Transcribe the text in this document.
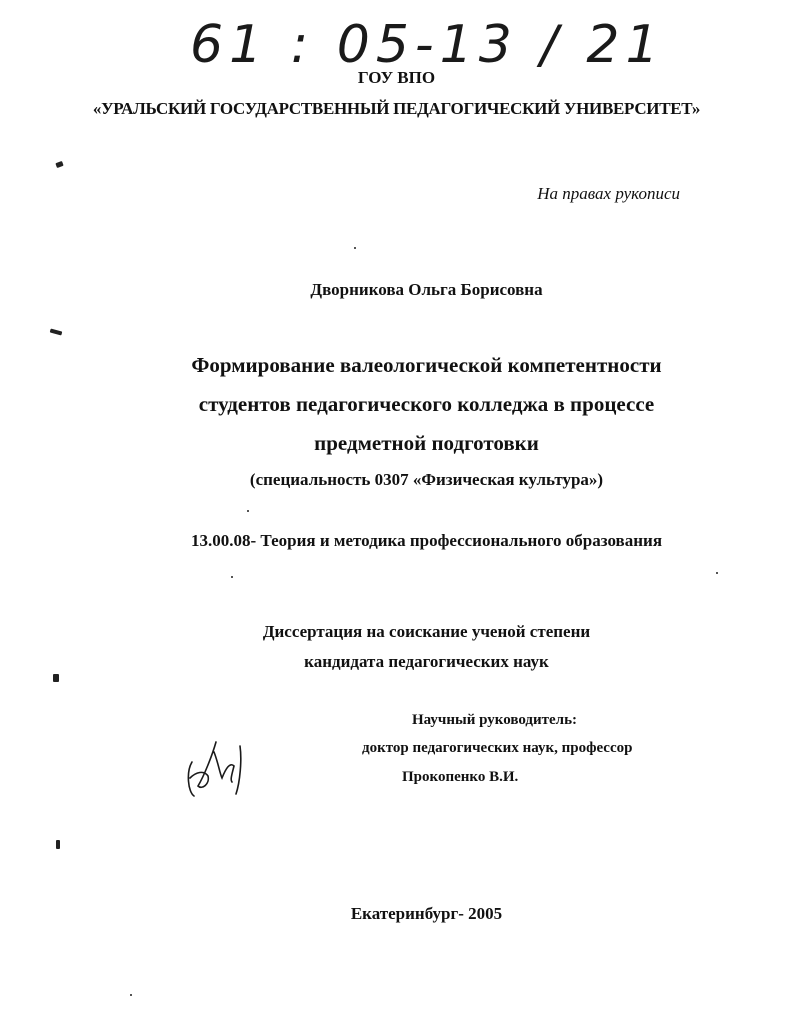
61 : 05-13 / 21
ГОУ ВПО
«УРАЛЬСКИЙ ГОСУДАРСТВЕННЫЙ ПЕДАГОГИЧЕСКИЙ УНИВЕРСИТЕТ»
На правах рукописи
Дворникова Ольга Борисовна
Формирование валеологической компетентности
студентов педагогического колледжа в процессе
предметной подготовки
(специальность 0307 «Физическая культура»)
13.00.08- Теория и методика профессионального образования
Диссертация на соискание ученой степени
кандидата педагогических наук
Научный руководитель:
доктор педагогических наук, профессор
Прокопенко В.И.
Екатеринбург- 2005
